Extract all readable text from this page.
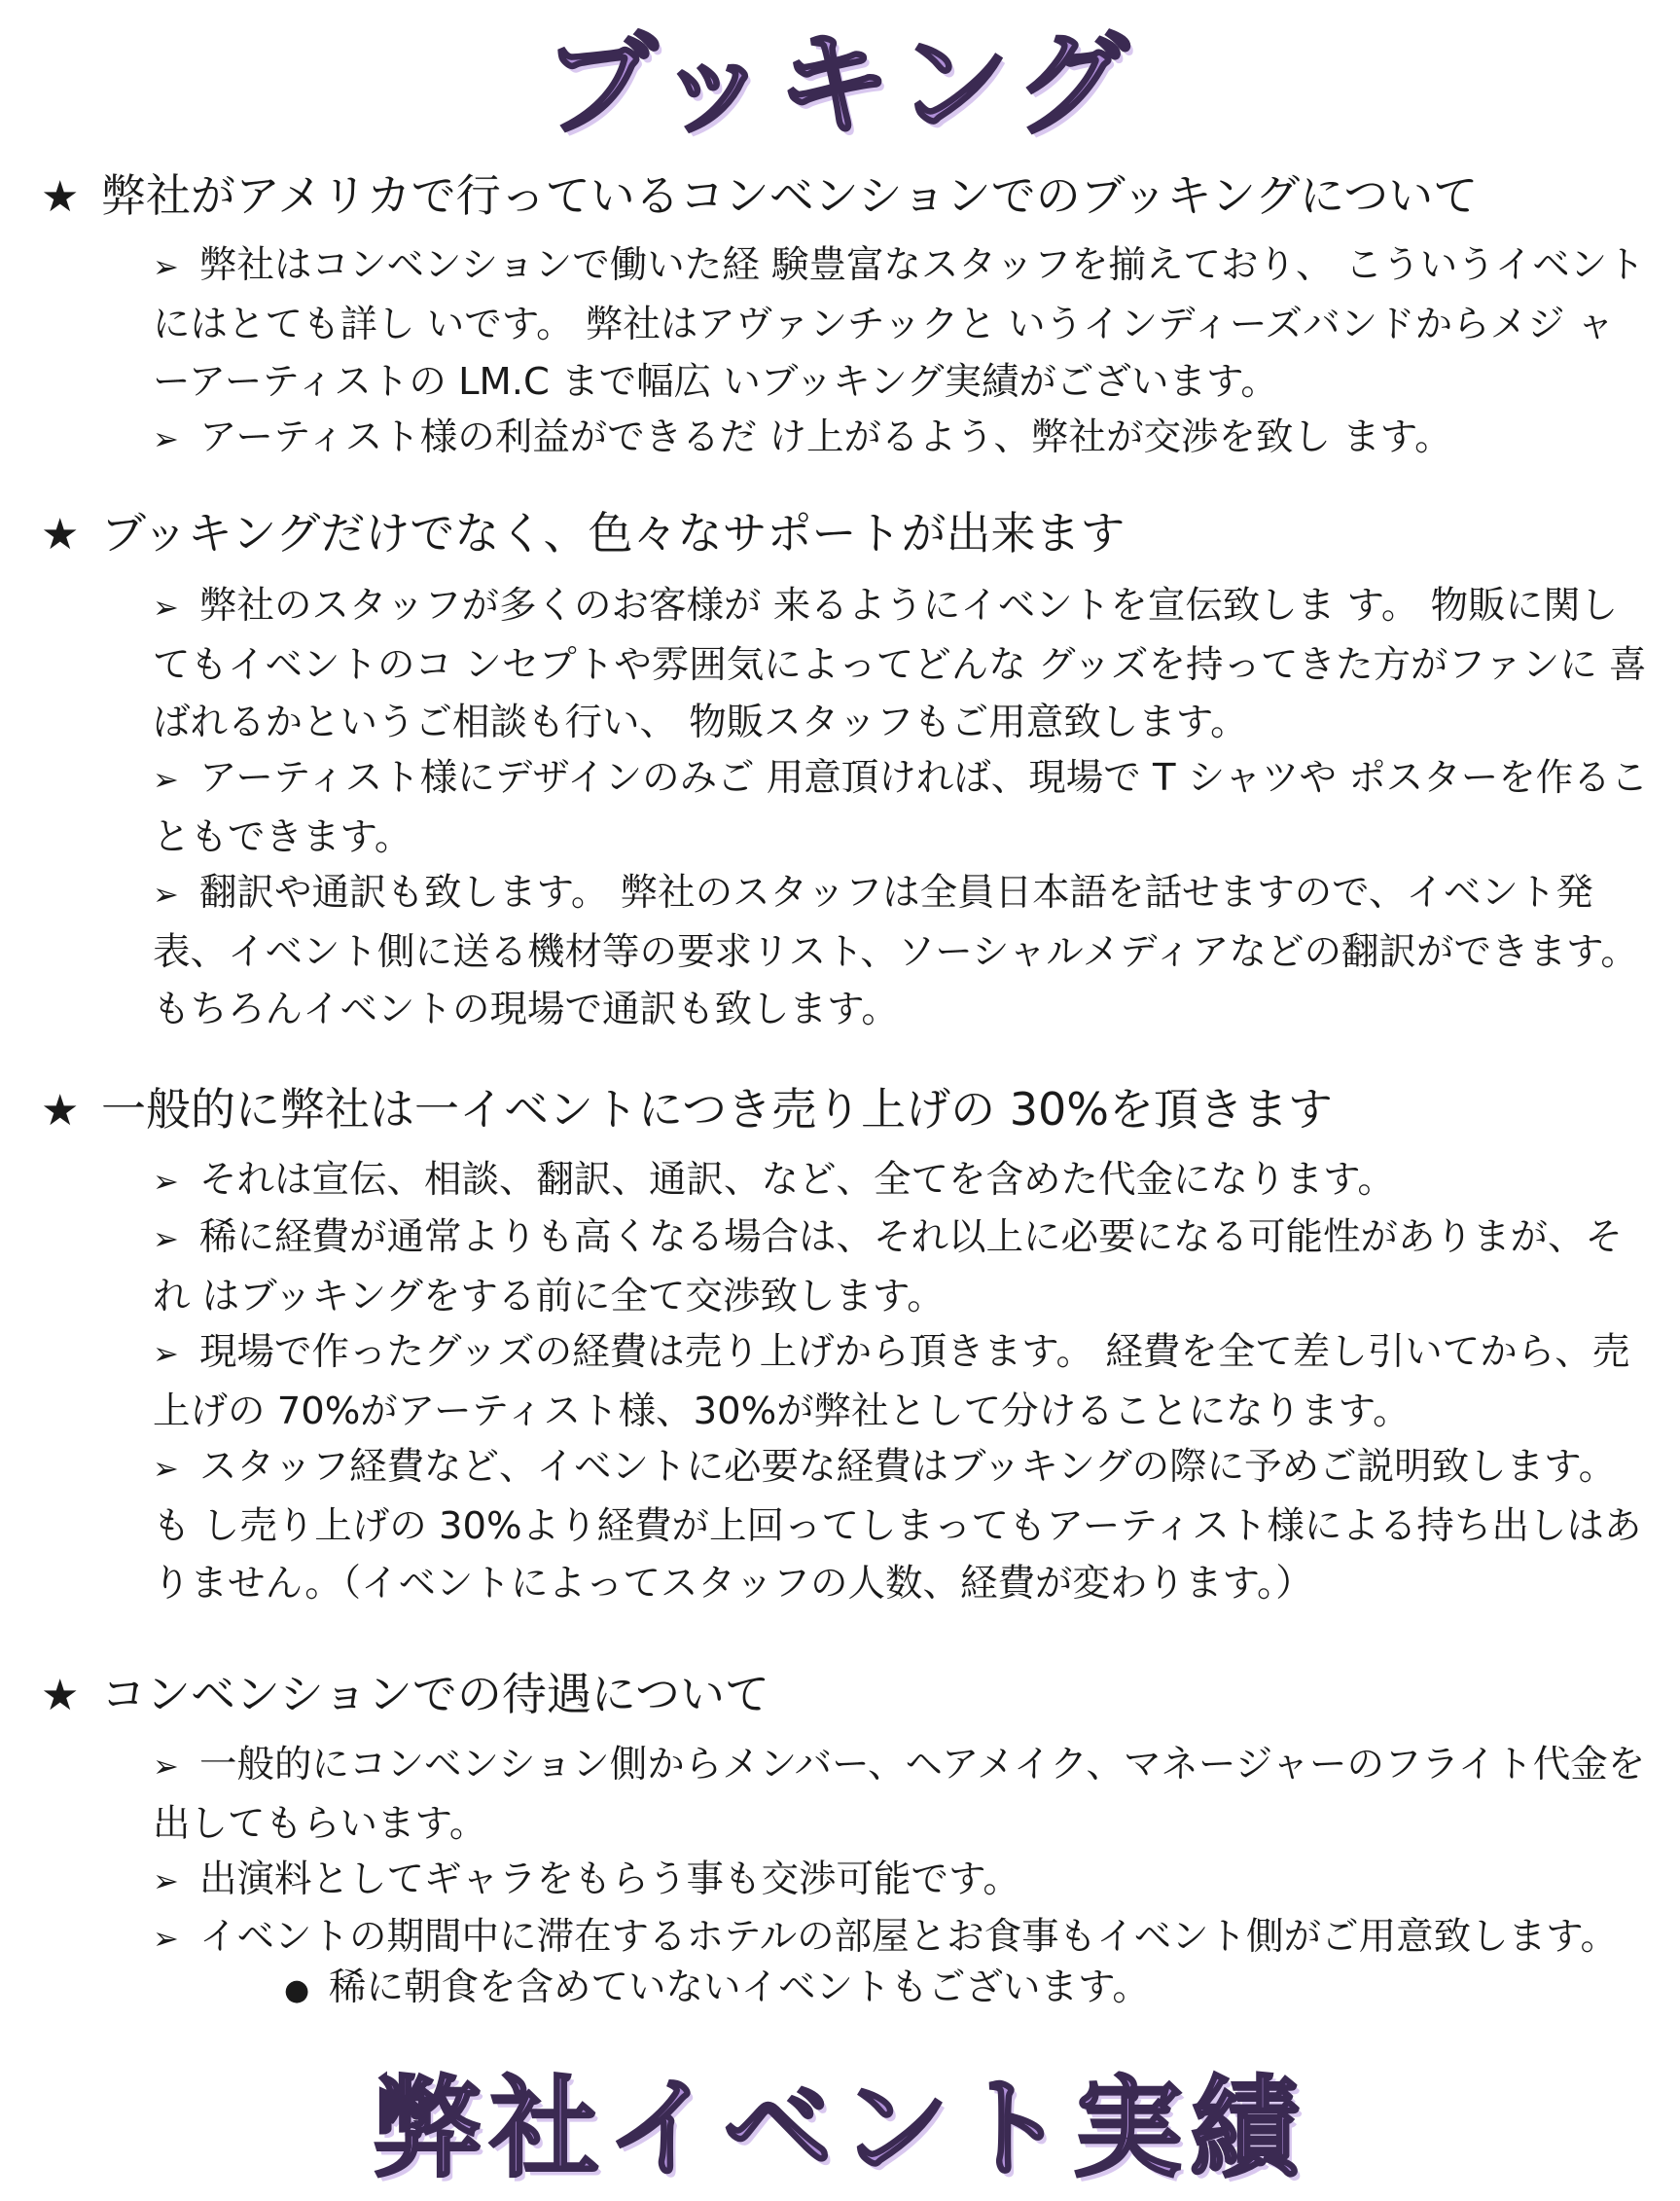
ブッキング
★ 弊社がアメリカで行っているコンベンションでのブッキングについて
➢ 弊社はコンベンションで働いた経 験豊富なスタッフを揃えており、 こういうイベントにはとても詳し いです。 弊社はアヴァンチックと いうインディーズバンドからメジ ャーアーティストの LM.C まで幅広 いブッキング実績がございます。
➢ アーティスト様の利益ができるだ け上がるよう、弊社が交渉を致し ます。
★ ブッキングだけでなく、色々なサポートが出来ます
➢ 弊社のスタッフが多くのお客様が 来るようにイベントを宣伝致しま す。 物販に関してもイベントのコ ンセプトや雰囲気によってどんな グッズを持ってきた方がファンに 喜ばれるかというご相談も行い、 物販スタッフもご用意致します。
➢ アーティスト様にデザインのみご 用意頂ければ、現場で T シャツや ポスターを作ることもできます。
➢ 翻訳や通訳も致します。 弊社のスタッフは全員日本語を話せますので、イベント発表、イベント側に送る機材等の要求リスト、ソーシャルメディアなどの翻訳ができます。 もちろんイベントの現場で通訳も致します。
★ 一般的に弊社は一イベントにつき売り上げの 30%を頂きます
➢ それは宣伝、相談、翻訳、通訳、など、全てを含めた代金になります。
➢ 稀に経費が通常よりも高くなる場合は、それ以上に必要になる可能性がありまが、それ はブッキングをする前に全て交渉致します。
➢ 現場で作ったグッズの経費は売り上げから頂きます。 経費を全て差し引いてから、売 上げの 70%がアーティスト様、30%が弊社として分けることになります。
➢ スタッフ経費など、イベントに必要な経費はブッキングの際に予めご説明致します。も し売り上げの 30%より経費が上回ってしまってもアーティスト様による持ち出しはあ りません。（イベントによってスタッフの人数、経費が変わります。）
★ コンベンションでの待遇について
➢ 一般的にコンベンション側からメンバー、ヘアメイク、マネージャーのフライト代金を 出してもらいます。
➢ 出演料としてギャラをもらう事も交渉可能です。
➢ イベントの期間中に滞在するホテルの部屋とお食事もイベント側がご用意致します。
● 稀に朝食を含めていないイベントもございます。
弊社イベント実績
